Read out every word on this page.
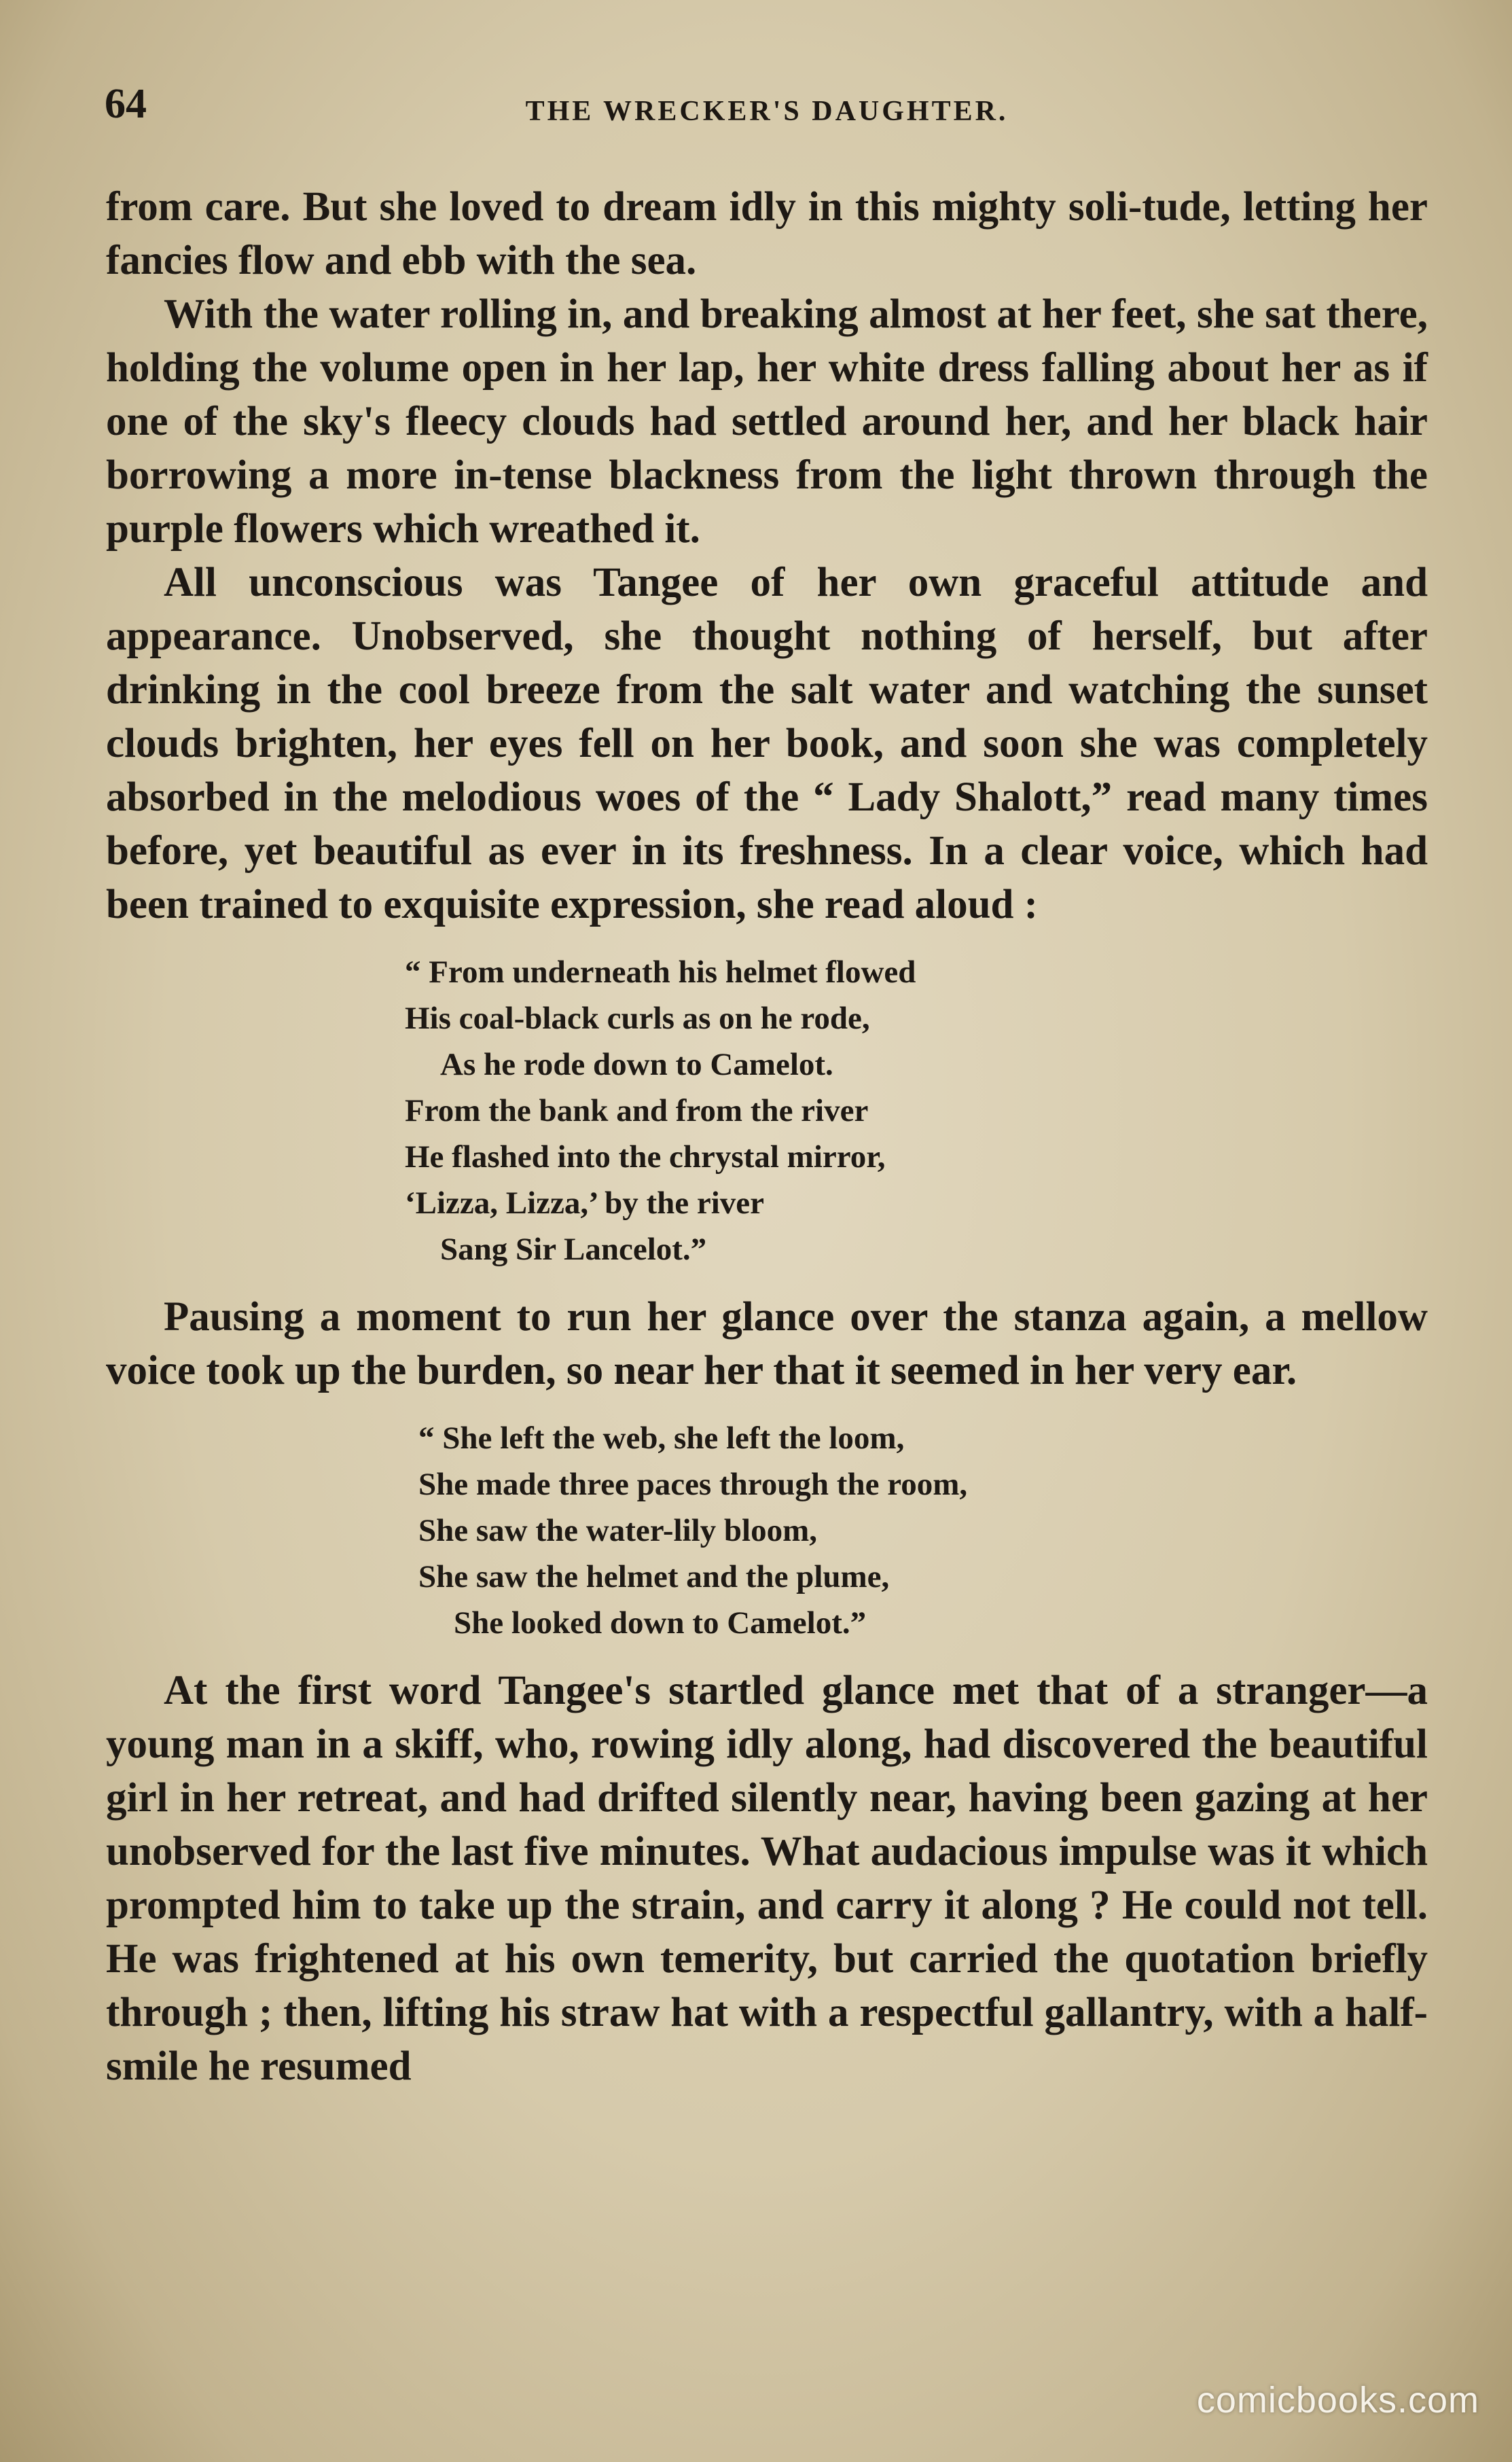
64	THE WRECKER'S DAUGHTER.

from care. But she loved to dream idly in this mighty soli-tude, letting her fancies flow and ebb with the sea.

With the water rolling in, and breaking almost at her feet, she sat there, holding the volume open in her lap, her white dress falling about her as if one of the sky's fleecy clouds had settled around her, and her black hair borrowing a more in-tense blackness from the light thrown through the purple flowers which wreathed it.

All unconscious was Tangee of her own graceful attitude and appearance. Unobserved, she thought nothing of herself, but after drinking in the cool breeze from the salt water and watching the sunset clouds brighten, her eyes fell on her book, and soon she was completely absorbed in the melodious woes of the “ Lady Shalott,” read many times before, yet beautiful as ever in its freshness. In a clear voice, which had been trained to exquisite expression, she read aloud :

“ From underneath his helmet flowed
His coal-black curls as on he rode,
As he rode down to Camelot.
From the bank and from the river
He flashed into the chrystal mirror,
‘Lizza, Lizza,’ by the river
Sang Sir Lancelot.”

Pausing a moment to run her glance over the stanza again, a mellow voice took up the burden, so near her that it seemed in her very ear.

“ She left the web, she left the loom,
She made three paces through the room,
She saw the water-lily bloom,
She saw the helmet and the plume,
She looked down to Camelot.”

At the first word Tangee's startled glance met that of a stranger—a young man in a skiff, who, rowing idly along, had discovered the beautiful girl in her retreat, and had drifted silently near, having been gazing at her unobserved for the last five minutes. What audacious impulse was it which prompted him to take up the strain, and carry it along ? He could not tell. He was frightened at his own temerity, but carried the quotation briefly through ; then, lifting his straw hat with a respectful gallantry, with a half-smile he resumed

comicbooks.com
